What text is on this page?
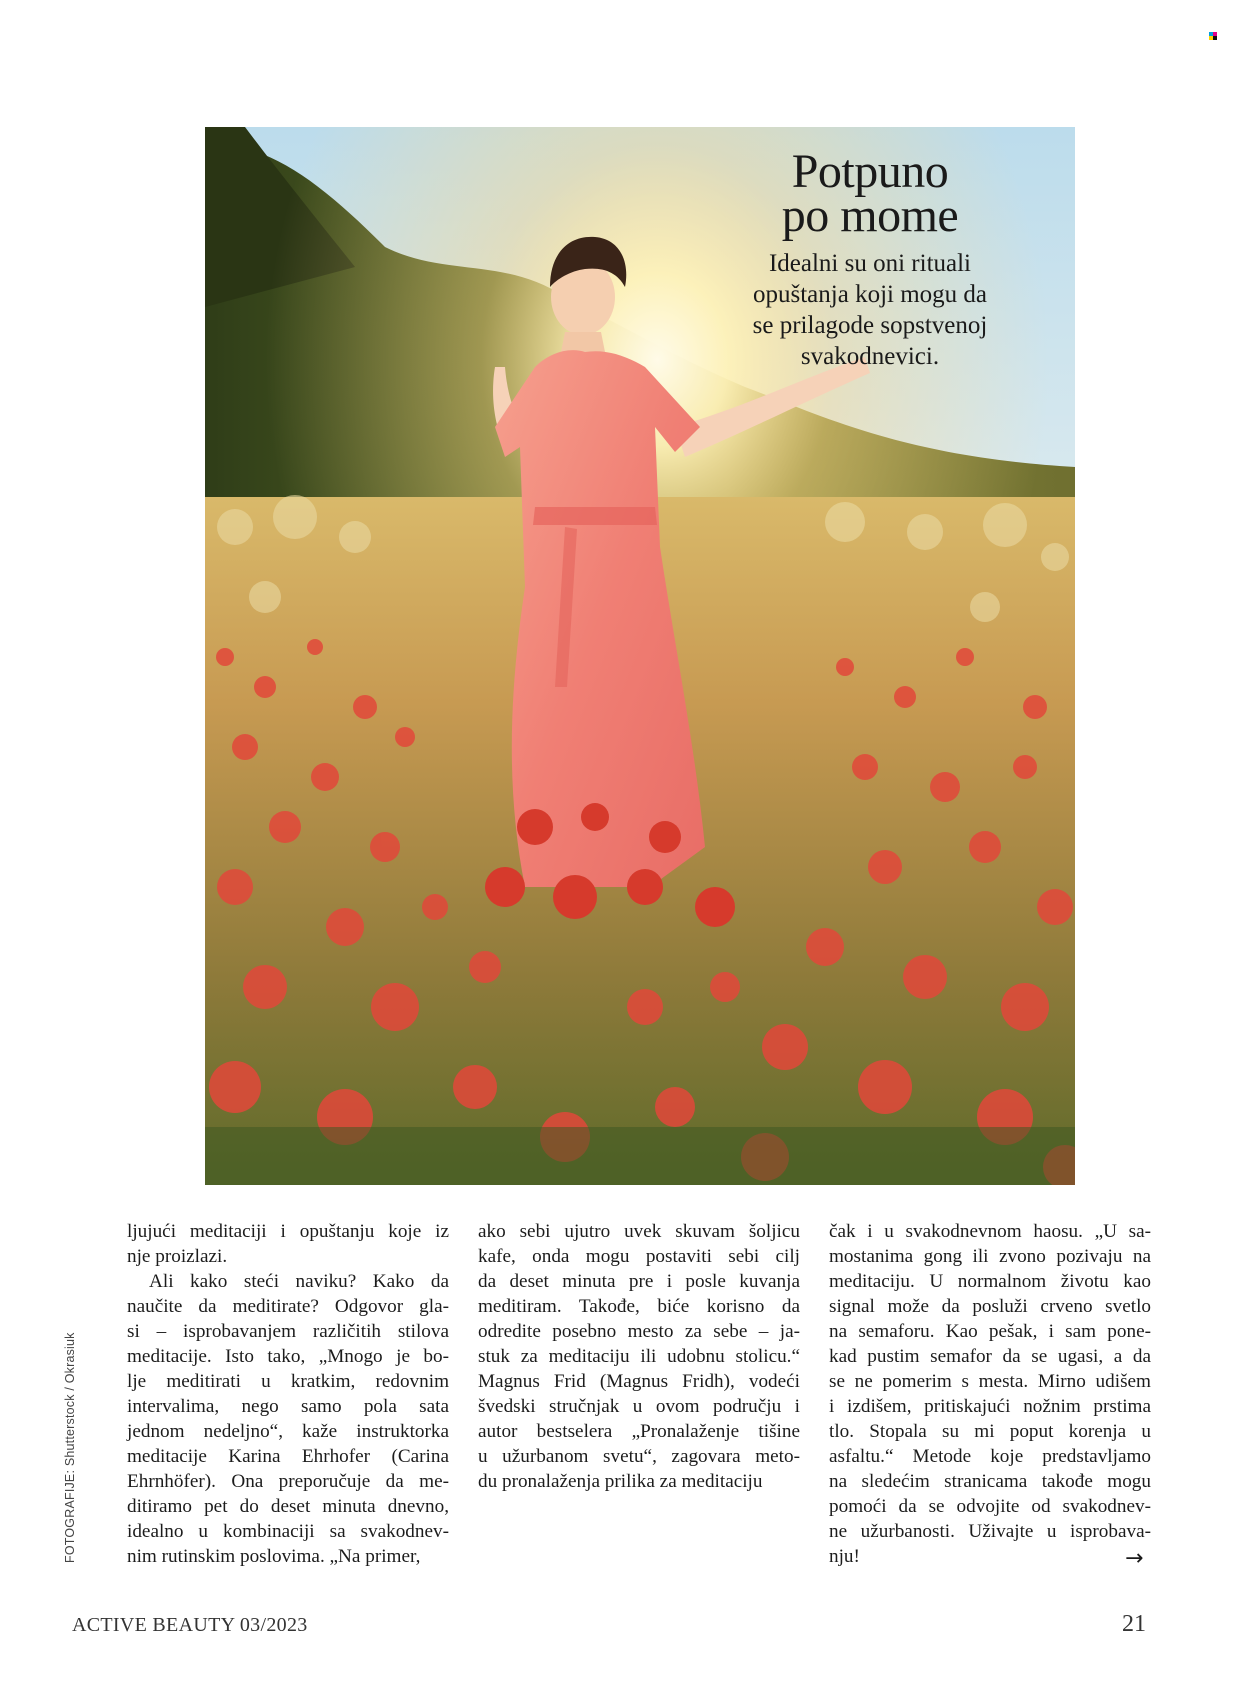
Potpuno
po mome

Idealni su oni rituali
opuštanja koji mogu da
se prilagode sopstvenoj
svakodnevici.

FOTOGRAFIJE: Shutterstock / Okrasiuk
ljujući meditaciji i opuštanju koje iz
nje proizlazi.
Ali kako steći naviku? Kako da
naučite da meditirate? Odgovor gla-
si – isprobavanjem različitih stilova
meditacije. Isto tako, „Mnogo je bo-
lje meditirati u kratkim, redovnim
intervalima, nego samo pola sata
jednom nedeljno“, kaže instruktorka
meditacije Karina Ehrhofer (Carina
Ehrnhöfer). Ona preporučuje da me-
ditiramo pet do deset minuta dnevno,
idealno u kombinaciji sa svakodnev-
nim rutinskim poslovima. „Na primer,
ako sebi ujutro uvek skuvam šoljicu
kafe, onda mogu postaviti sebi cilj
da deset minuta pre i posle kuvanja
meditiram. Takođe, biće korisno da
odredite posebno mesto za sebe – ja-
stuk za meditaciju ili udobnu stolicu.“
Magnus Frid (Magnus Fridh), vodeći
švedski stručnjak u ovom području i
autor bestselera „Pronalaženje tišine
u užurbanom svetu“, zagovara meto-
du pronalaženja prilika za meditaciju
čak i u svakodnevnom haosu. „U sa-
mostanima gong ili zvono pozivaju na
meditaciju. U normalnom životu kao
signal može da posluži crveno svetlo
na semaforu. Kao pešak, i sam pone-
kad pustim semafor da se ugasi, a da
se ne pomerim s mesta. Mirno udišem
i izdišem, pritiskajući nožnim prstima
tlo. Stopala su mi poput korenja u
asfaltu.“ Metode koje predstavljamo
na sledećim stranicama takođe mogu
pomoći da se odvojite od svakodnev-
ne užurbanosti. Uživajte u isprobava-
nju!	→
ACTIVE BEAUTY 03/2023	21
